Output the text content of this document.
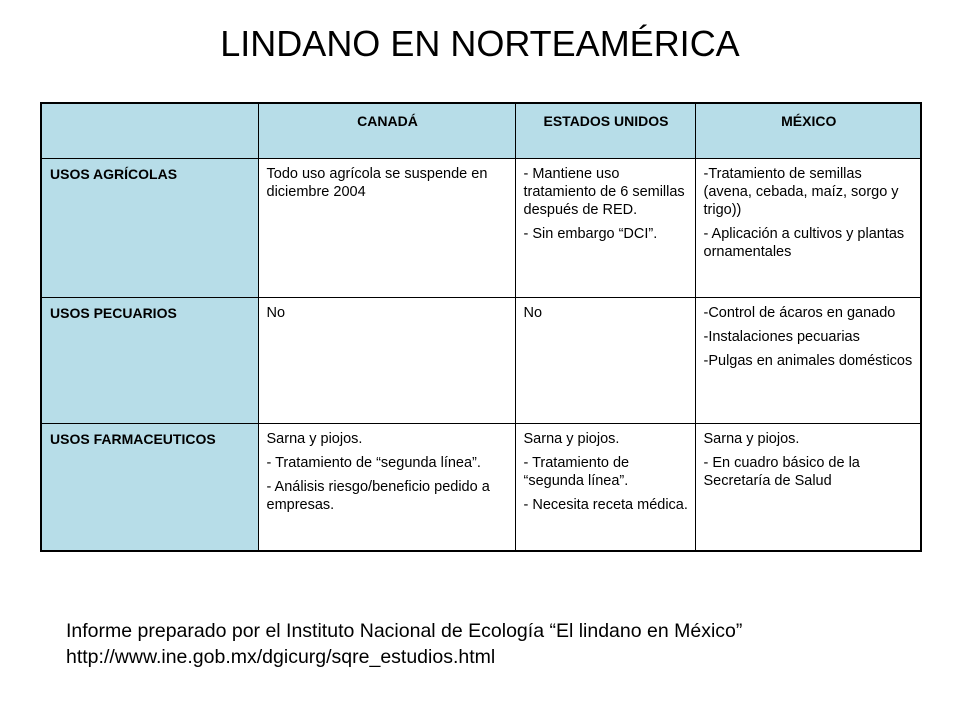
LINDANO EN NORTEAMÉRICA
	CANADÁ	ESTADOS UNIDOS	MÉXICO
USOS AGRÍCOLAS	Todo uso agrícola se suspende en diciembre 2004	- Mantiene uso tratamiento de 6 semillas después de RED.
- Sin embargo “DCI”.	-Tratamiento de semillas (avena, cebada, maíz, sorgo y trigo))
- Aplicación a cultivos y plantas ornamentales

USOS PECUARIOS	No	No	-Control de ácaros en ganado
-Instalaciones pecuarias
-Pulgas en animales domésticos

USOS FARMACEUTICOS	Sarna y piojos.
- Tratamiento de “segunda línea”.
- Análisis riesgo/beneficio pedido a empresas.	Sarna y piojos.
- Tratamiento de “segunda línea”.
- Necesita receta médica.	Sarna y piojos.
- En cuadro básico de la Secretaría de Salud
Informe preparado por el Instituto Nacional de Ecología “El lindano en México”
http://www.ine.gob.mx/dgicurg/sqre_estudios.html
